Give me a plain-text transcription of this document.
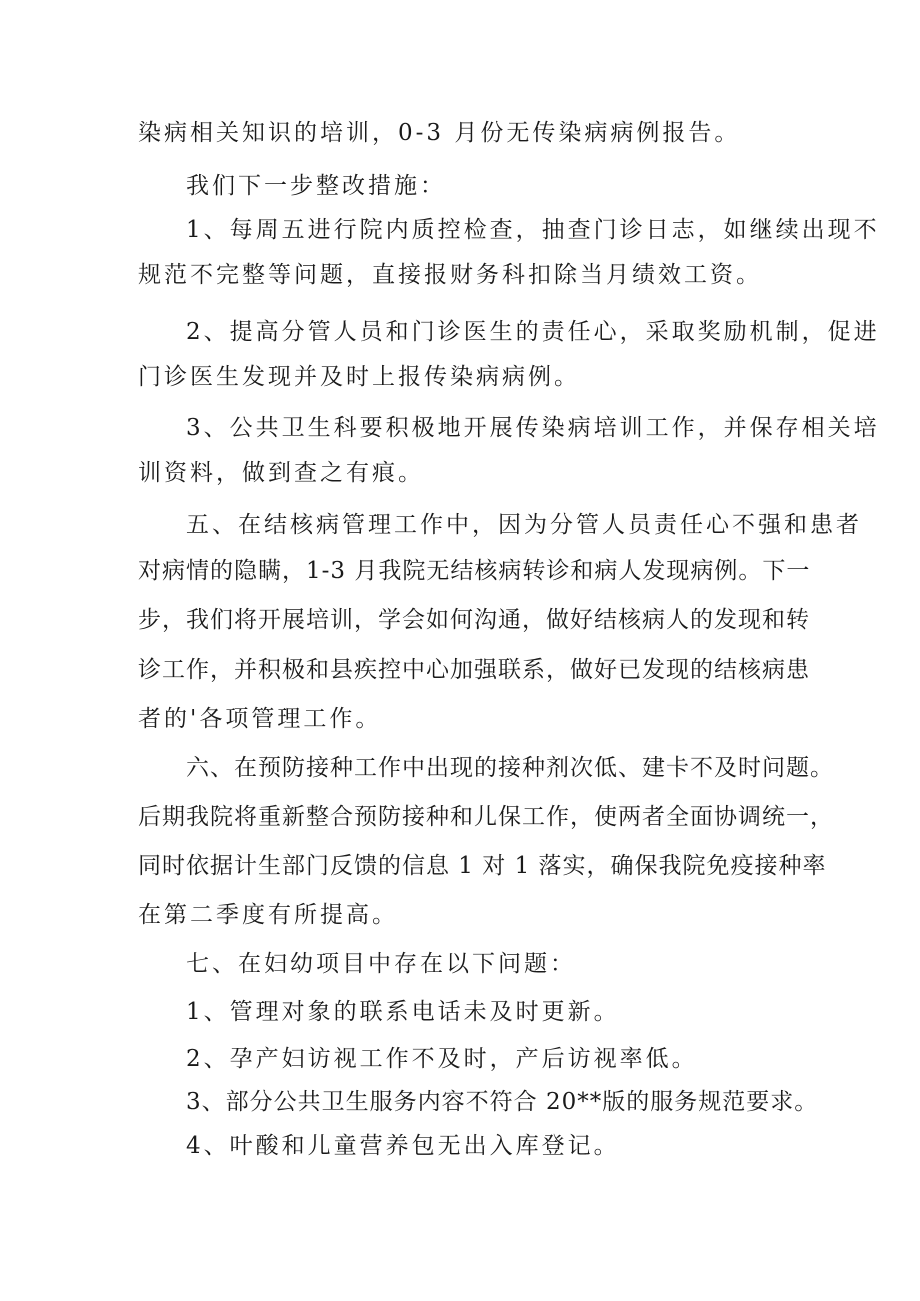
染病相关知识的培训，0-3 月份无传染病病例报告。
我们下一步整改措施：
1、每周五进行院内质控检查，抽查门诊日志，如继续出现不
规范不完整等问题，直接报财务科扣除当月绩效工资。
2、提高分管人员和门诊医生的责任心，采取奖励机制，促进
门诊医生发现并及时上报传染病病例。
3、公共卫生科要积极地开展传染病培训工作，并保存相关培
训资料，做到查之有痕。
五、在结核病管理工作中，因为分管人员责任心不强和患者
对病情的隐瞒，1-3 月我院无结核病转诊和病人发现病例。下一
步，我们将开展培训，学会如何沟通，做好结核病人的发现和转
诊工作，并积极和县疾控中心加强联系，做好已发现的结核病患
者的'各项管理工作。
六、在预防接种工作中出现的接种剂次低、建卡不及时问题。
后期我院将重新整合预防接种和儿保工作，使两者全面协调统一，
同时依据计生部门反馈的信息 1 对 1 落实，确保我院免疫接种率
在第二季度有所提高。
七、在妇幼项目中存在以下问题：
1、管理对象的联系电话未及时更新。
2、孕产妇访视工作不及时，产后访视率低。
3、部分公共卫生服务内容不符合 20**版的服务规范要求。
4、叶酸和儿童营养包无出入库登记。
